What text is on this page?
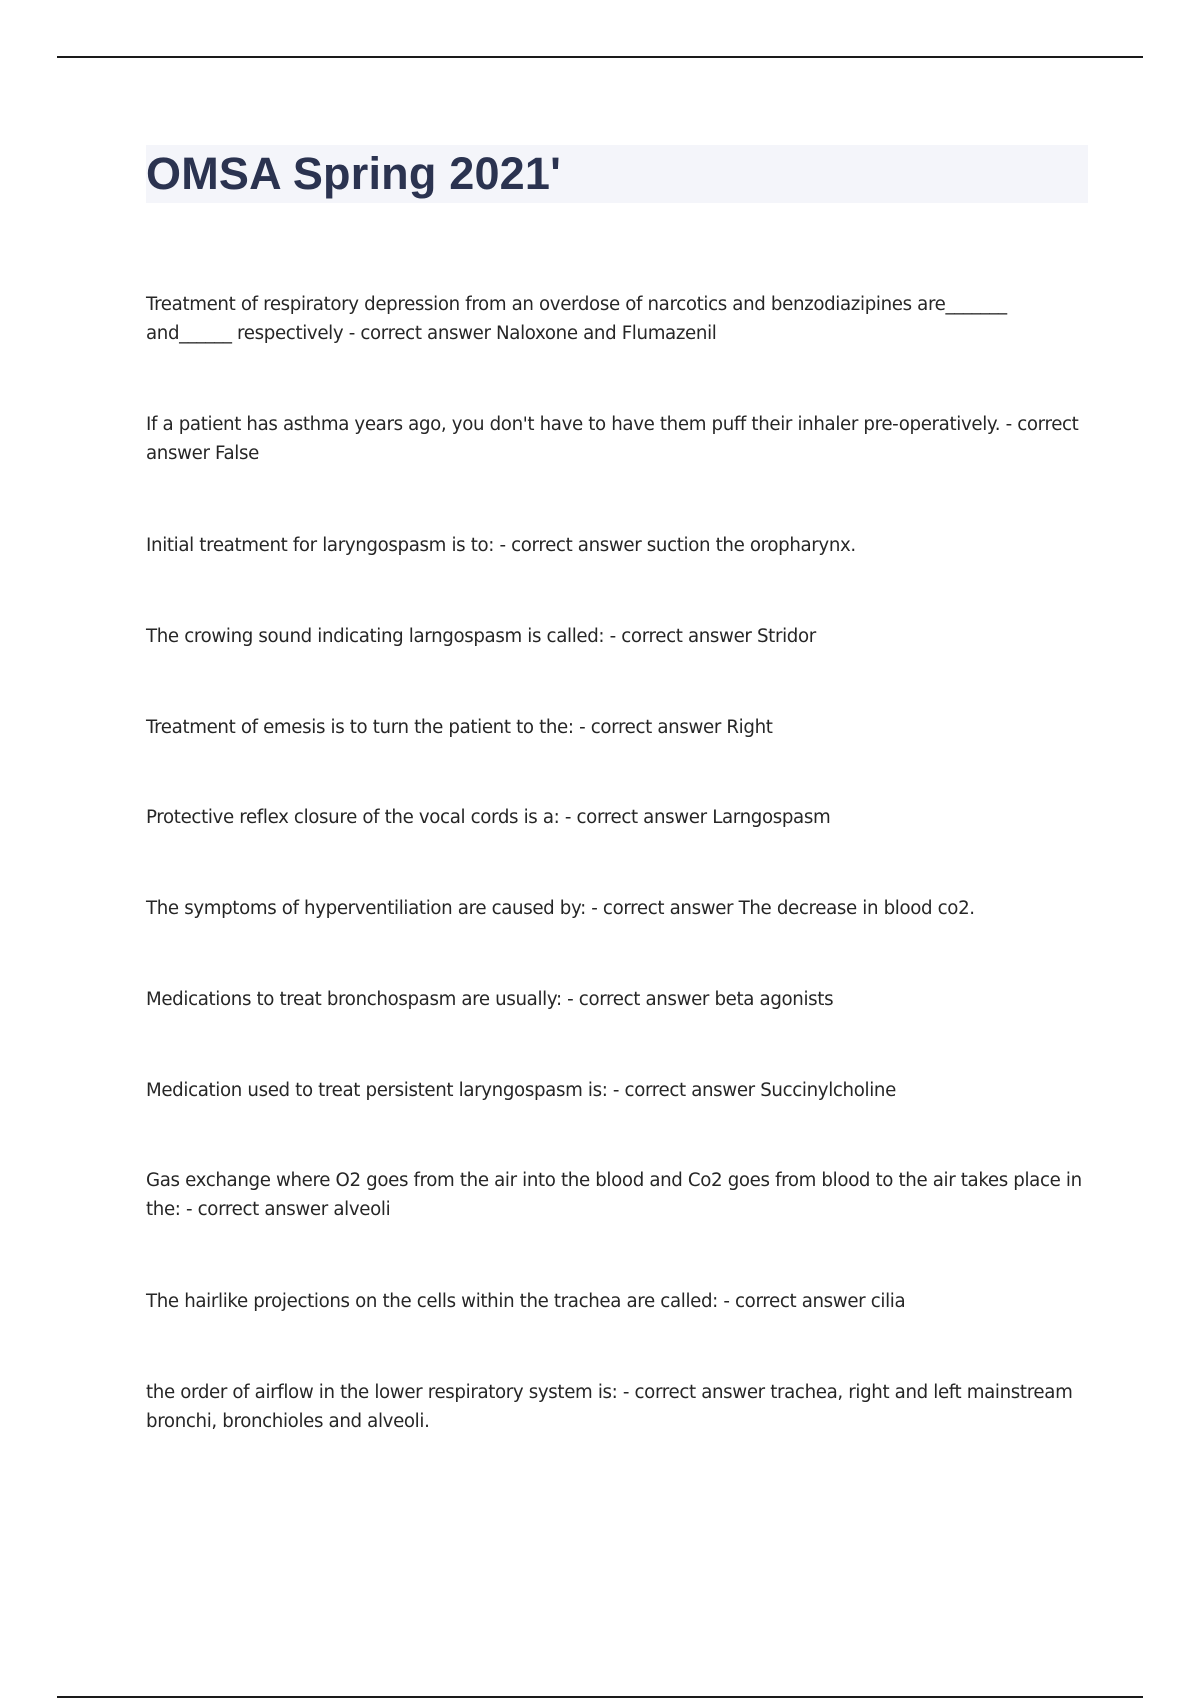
OMSA Spring 2021'

Treatment of respiratory depression from an overdose of narcotics and benzodiazipines are_______ and______ respectively - correct answer Naloxone and Flumazenil

If a patient has asthma years ago, you don't have to have them puff their inhaler pre-operatively. - correct answer False

Initial treatment for laryngospasm is to: - correct answer suction the oropharynx.

The crowing sound indicating larngospasm is called: - correct answer Stridor

Treatment of emesis is to turn the patient to the: - correct answer Right

Protective reflex closure of the vocal cords is a: - correct answer Larngospasm

The symptoms of hyperventiliation are caused by: - correct answer The decrease in blood co2.

Medications to treat bronchospasm are usually: - correct answer beta agonists

Medication used to treat persistent laryngospasm is: - correct answer Succinylcholine

Gas exchange where O2 goes from the air into the blood and Co2 goes from blood to the air takes place in the: - correct answer alveoli

The hairlike projections on the cells within the trachea are called: - correct answer cilia

the order of airflow in the lower respiratory system is: - correct answer trachea, right and left mainstream bronchi, bronchioles and alveoli.
